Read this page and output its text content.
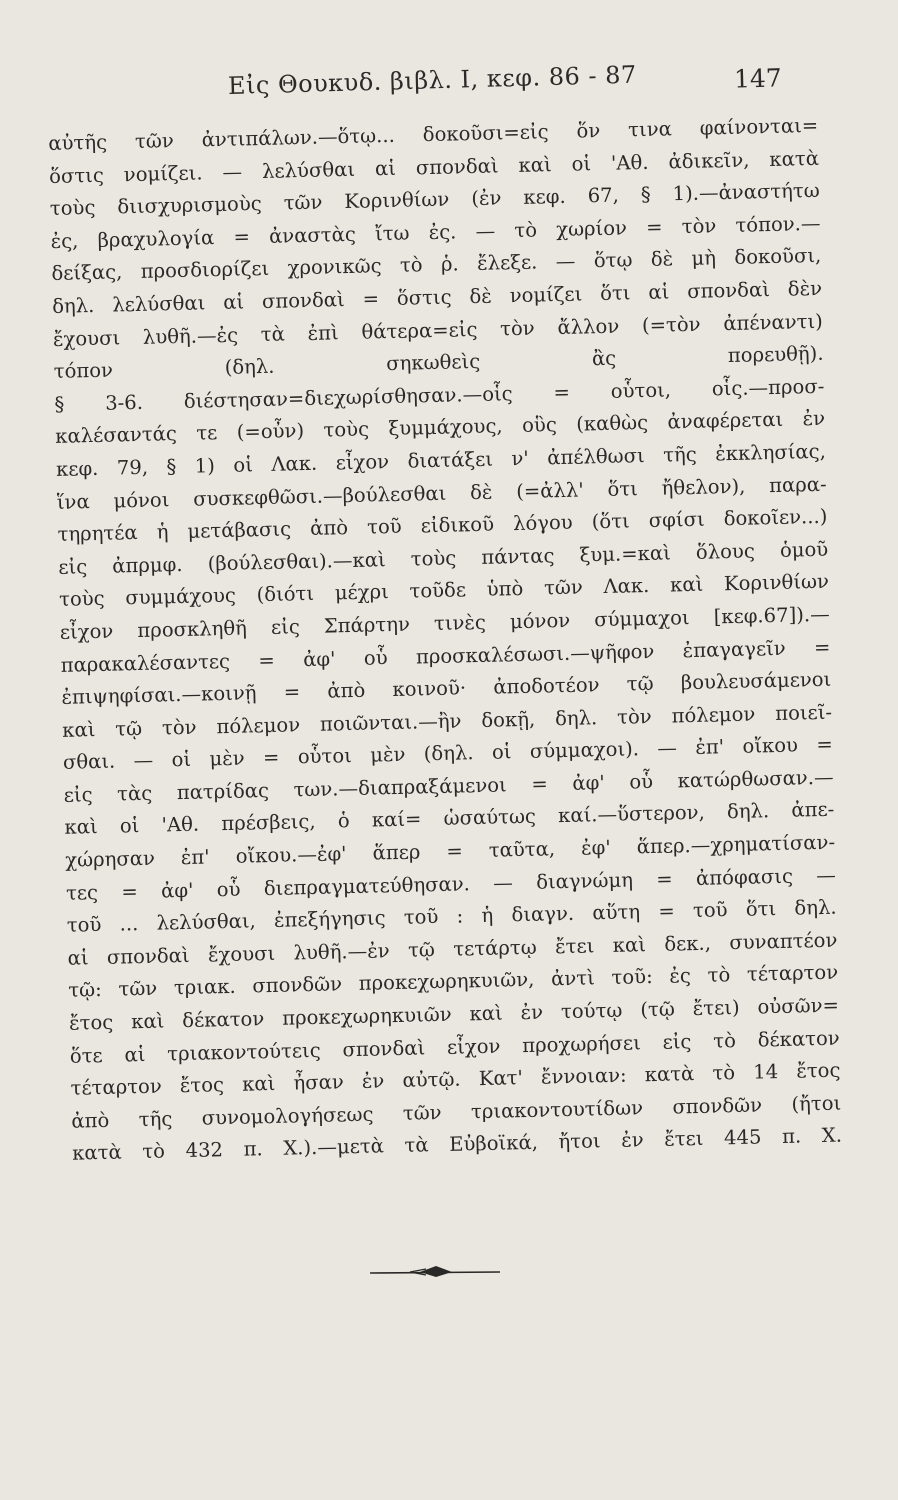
Εἰς Θουκυδ. βιβλ. Ι, κεφ. 86 - 87	147
αὐτῆς τῶν ἀντιπάλων.—ὅτῳ... δοκοῦσι=εἰς ὅν τινα φαίνονται=
ὅστις νομίζει. — λελύσθαι αἱ σπονδαὶ καὶ οἱ 'Αθ. ἀδικεῖν, κατὰ
τοὺς διισχυρισμοὺς τῶν Κορινθίων (ἐν κεφ. 67, § 1).—ἀναστήτω
ἐς, βραχυλογία = ἀναστὰς ἴτω ἐς. — τὸ χωρίον = τὸν τόπον.—
δείξας, προσδιορίζει χρονικῶς τὸ ῥ. ἔλεξε. — ὅτῳ δὲ μὴ δοκοῦσι,
δηλ. λελύσθαι αἱ σπονδαὶ = ὅστις δὲ νομίζει ὅτι αἱ σπονδαὶ δὲν
ἔχουσι λυθῆ.—ἐς τὰ ἐπὶ θάτερα=εἰς τὸν ἄλλον (=τὸν ἀπέναντι)
τόπον (δηλ. σηκωθεὶς ἂς πορευθῇ).
§ 3-6. διέστησαν=διεχωρίσθησαν.—οἷς = οὗτοι, οἷς.—προσ-
καλέσαντάς τε (=οὖν) τοὺς ξυμμάχους, οὓς (καθὼς ἀναφέρεται ἐν
κεφ. 79, § 1) οἱ Λακ. εἶχον διατάξει ν' ἀπέλθωσι τῆς ἐκκλησίας,
ἵνα μόνοι συσκεφθῶσι.—βούλεσθαι δὲ (=ἀλλ' ὅτι ἤθελον), παρα-
τηρητέα ἡ μετάβασις ἀπὸ τοῦ εἰδικοῦ λόγου (ὅτι σφίσι δοκοῖεν...)
εἰς ἀπρμφ. (βούλεσθαι).—καὶ τοὺς πάντας ξυμ.=καὶ ὅλους ὁμοῦ
τοὺς συμμάχους (διότι μέχρι τοῦδε ὑπὸ τῶν Λακ. καὶ Κορινθίων
εἶχον προσκληθῆ εἰς Σπάρτην τινὲς μόνον σύμμαχοι [κεφ.67]).—
παρακαλέσαντες = ἀφ' οὗ προσκαλέσωσι.—ψῆφον ἐπαγαγεῖν =
ἐπιψηφίσαι.—κοινῇ = ἀπὸ κοινοῦ· ἀποδοτέον τῷ βουλευσάμενοι
καὶ τῷ τὸν πόλεμον ποιῶνται.—ἢν δοκῇ, δηλ. τὸν πόλεμον ποιεῖ-
σθαι. — οἱ μὲν = οὗτοι μὲν (δηλ. οἱ σύμμαχοι). — ἐπ' οἴκου =
εἰς τὰς πατρίδας των.—διαπραξάμενοι = ἀφ' οὗ κατώρθωσαν.—
καὶ οἱ 'Αθ. πρέσβεις, ὁ καί= ὡσαύτως καί.—ὕστερον, δηλ. ἀπε-
χώρησαν ἐπ' οἴκου.—ἐφ' ἅπερ = ταῦτα, ἐφ' ἅπερ.—χρηματίσαν-
τες = ἀφ' οὗ διεπραγματεύθησαν. — διαγνώμη = ἀπόφασις —
τοῦ ... λελύσθαι, ἐπεξήγησις τοῦ : ἡ διαγν. αὕτη = τοῦ ὅτι δηλ.
αἱ σπονδαὶ ἔχουσι λυθῆ.—ἐν τῷ τετάρτῳ ἔτει καὶ δεκ., συναπτέον
τῷ: τῶν τριακ. σπονδῶν προκεχωρηκυιῶν, ἀντὶ τοῦ: ἐς τὸ τέταρτον
ἔτος καὶ δέκατον προκεχωρηκυιῶν καὶ ἐν τούτῳ (τῷ ἔτει) οὐσῶν=
ὅτε αἱ τριακοντούτεις σπονδαὶ εἶχον προχωρήσει εἰς τὸ δέκατον
τέταρτον ἔτος καὶ ἦσαν ἐν αὐτῷ. Κατ' ἔννοιαν: κατὰ τὸ 14 ἔτος
ἀπὸ τῆς συνομολογήσεως τῶν τριακοντουτίδων σπονδῶν (ἤτοι
κατὰ τὸ 432 π. Χ.).—μετὰ τὰ Εὐβοϊκά, ἤτοι ἐν ἔτει 445 π. Χ.
